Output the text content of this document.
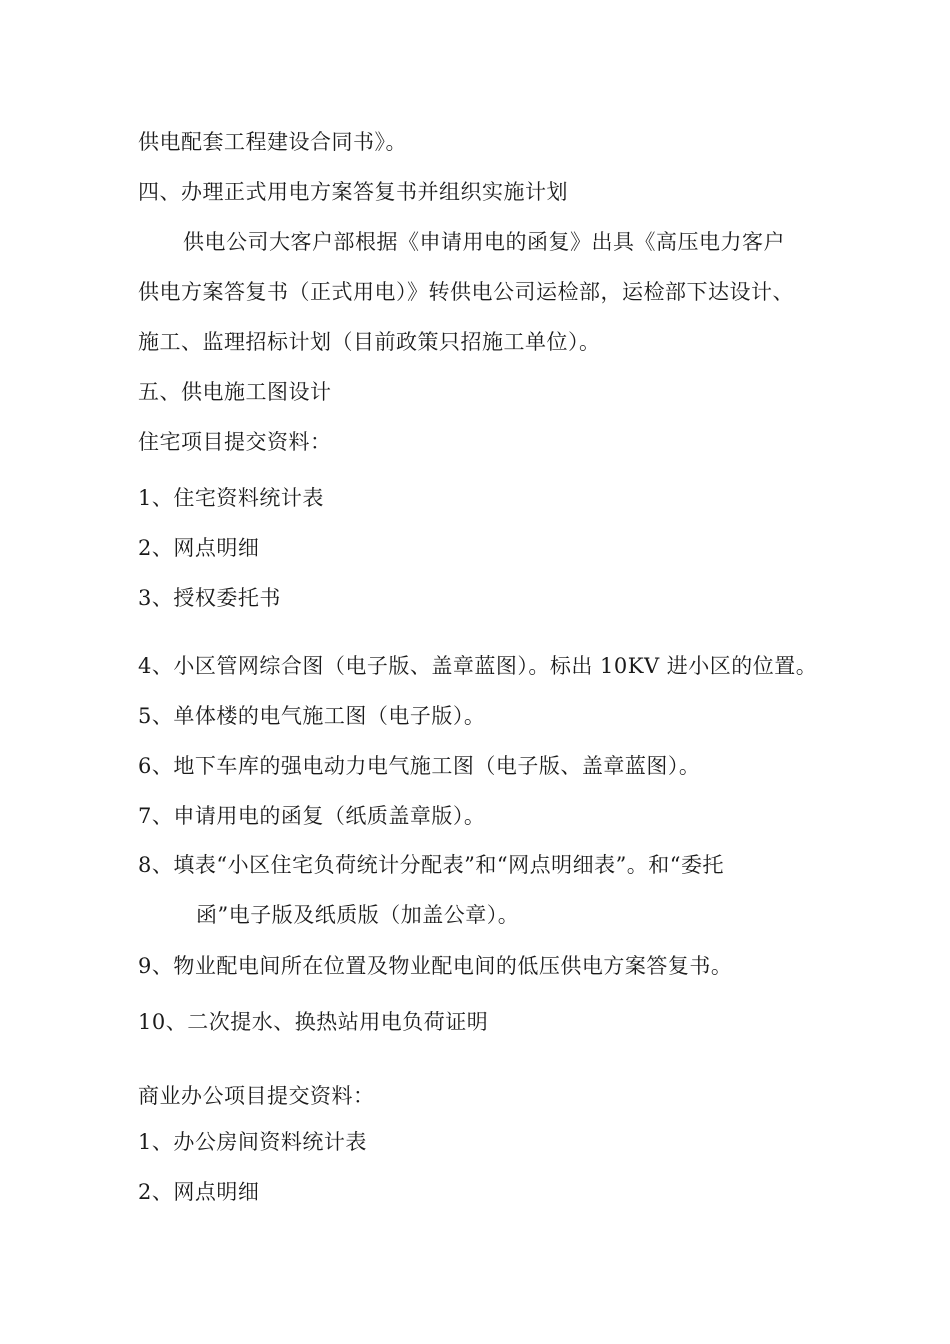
供电配套工程建设合同书》。
四、办理正式用电方案答复书并组织实施计划
供电公司大客户部根据《申请用电的函复》出具《高压电力客户
供电方案答复书（正式用电）》转供电公司运检部，运检部下达设计、
施工、监理招标计划（目前政策只招施工单位）。
五、供电施工图设计
住宅项目提交资料：
1、住宅资料统计表
2、网点明细
3、授权委托书
4、小区管网综合图（电子版、盖章蓝图）。标出 10KV 进小区的位置。
5、单体楼的电气施工图（电子版）。
6、地下车库的强电动力电气施工图（电子版、盖章蓝图）。
7、申请用电的函复（纸质盖章版）。
8、填表“小区住宅负荷统计分配表”和“网点明细表”。和“委托
函”电子版及纸质版（加盖公章）。
9、物业配电间所在位置及物业配电间的低压供电方案答复书。
10、二次提水、换热站用电负荷证明
商业办公项目提交资料：
1、办公房间资料统计表
2、网点明细
